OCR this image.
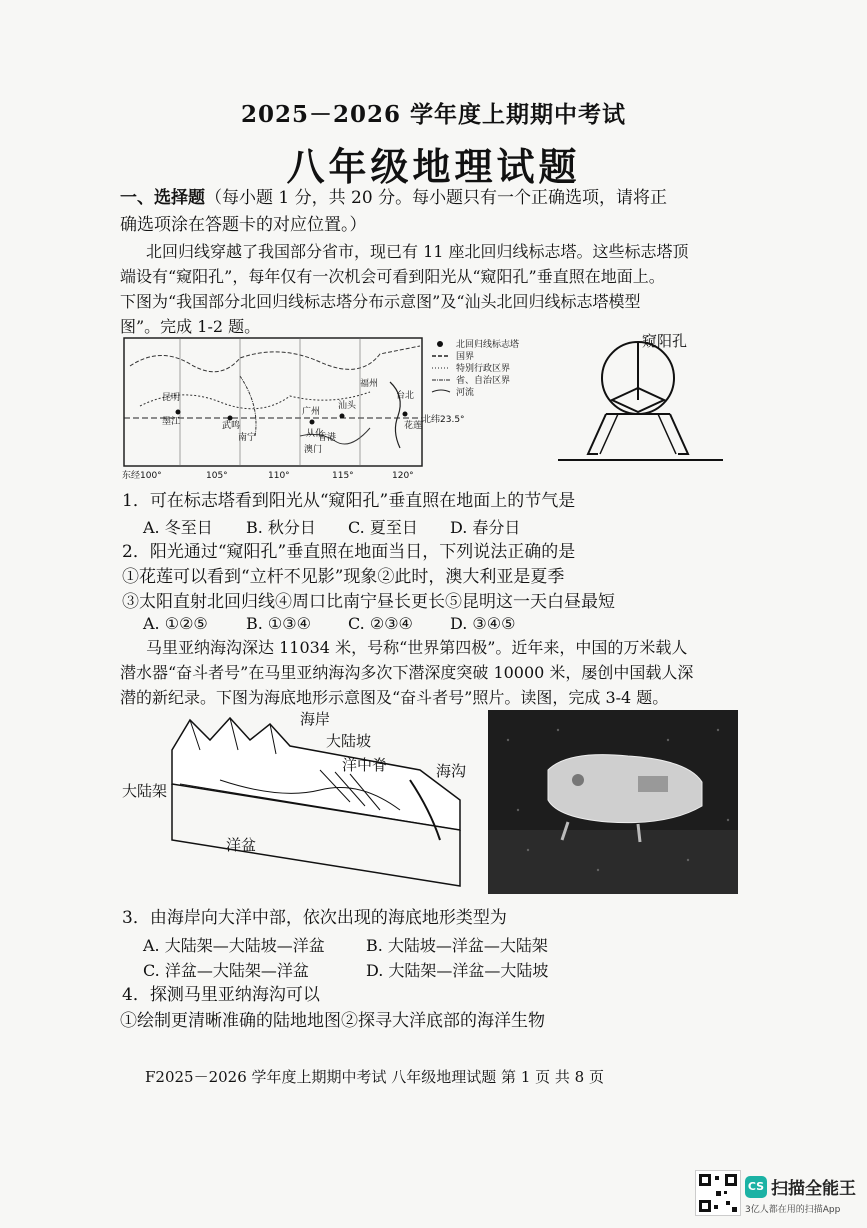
2025－2026 学年度上期期中考试
八年级地理试题
一、选择题（每小题 1 分，共 20 分。每小题只有一个正确选项，请将正
确选项涂在答题卡的对应位置。）
北回归线穿越了我国部分省市，现已有 11 座北回归线标志塔。这些标志塔顶
端设有“窥阳孔”，每年仅有一次机会可看到阳光从“窥阳孔”垂直照在地面上。
下图为“我国部分北回归线标志塔分布示意图”及“汕头北回归线标志塔模型
图”。完成 1-2 题。
昆明
墨江	武鸣
南宁
广州
汕头
福州
台北
花莲
从化
澳门
香港
北纬23.5°
东经100°	105°	110°	115°	120°
北回归线标志塔
国界
特别行政区界
省、自治区界
河流
窥阳孔
1．可在标志塔看到阳光从“窥阳孔”垂直照在地面上的节气是
A. 冬至日 B. 秋分日 C. 夏至日 D. 春分日
2．阳光通过“窥阳孔”垂直照在地面当日，下列说法正确的是
①花莲可以看到“立杆不见影”现象②此时，澳大利亚是夏季
③太阳直射北回归线④周口比南宁昼长更长⑤昆明这一天白昼最短
A. ①②⑤ B. ①③④ C. ②③④ D. ③④⑤
马里亚纳海沟深达 11034 米，号称“世界第四极”。近年来，中国的万米载人
潜水器“奋斗者号”在马里亚纳海沟多次下潜深度突破 10000 米，屡创中国载人深
潜的新纪录。下图为海底地形示意图及“奋斗者号”照片。读图，完成 3-4 题。
海岸
大陆坡
洋中脊	海沟
大陆架
洋盆
3．由海岸向大洋中部，依次出现的海底地形类型为
A. 大陆架—大陆坡—洋盆	B. 大陆坡—洋盆—大陆架
C. 洋盆—大陆架—洋盆	D. 大陆架—洋盆—大陆坡
4．探测马里亚纳海沟可以
①绘制更清晰准确的陆地地图②探寻大洋底部的海洋生物
F2025－2026 学年度上期期中考试 八年级地理试题 第 1 页 共 8 页
CS 扫描全能王
3亿人都在用的扫描App
